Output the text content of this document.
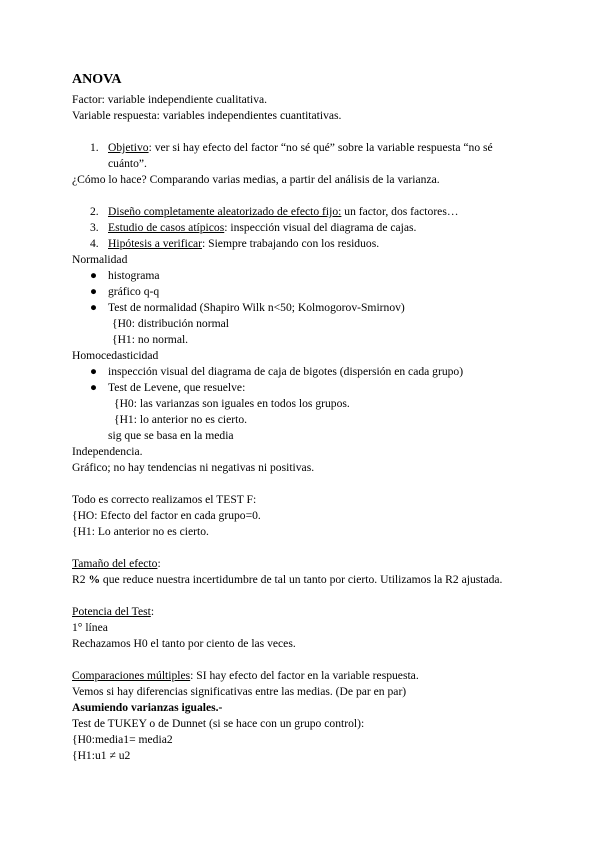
ANOVA

Factor: variable independiente cualitativa.

Variable respuesta: variables independientes cuantitativas.

1. Objetivo: ver si hay efecto del factor “no sé qué” sobre la variable respuesta “no sé cuánto”.

¿Cómo lo hace? Comparando varias medias, a partir del análisis de la varianza.

2. Diseño completamente aleatorizado de efecto fijo: un factor, dos factores…
3. Estudio de casos atípicos: inspección visual del diagrama de cajas.
4. Hipótesis a verificar: Siempre trabajando con los residuos.

Normalidad

● histograma
● gráfico q-q
● Test de normalidad (Shapiro Wilk n<50; Kolmogorov-Smirnov)

{H0: distribución normal

{H1: no normal.

Homocedasticidad

● inspección visual del diagrama de caja de bigotes (dispersión en cada grupo)
● Test de Levene, que resuelve:

{H0: las varianzas son iguales en todos los grupos.

{H1: lo anterior no es cierto.

sig que se basa en la media

Independencia.

Gráfico; no hay tendencias ni negativas ni positivas.

Todo es correcto realizamos el TEST F:

{HO: Efecto del factor en cada grupo=0.

{H1: Lo anterior no es cierto.

Tamaño del efecto:

R2 % que reduce nuestra incertidumbre de tal un tanto por cierto. Utilizamos la R2 ajustada.

Potencia del Test:

1° línea

Rechazamos H0 el tanto por ciento de las veces.

Comparaciones múltiples: SI hay efecto del factor en la variable respuesta.

Vemos si hay diferencias significativas entre las medias. (De par en par)

Asumiendo varianzas iguales.-

Test de TUKEY o de Dunnet (si se hace con un grupo control):

{H0:media1= media2

{H1:u1 ≠ u2
